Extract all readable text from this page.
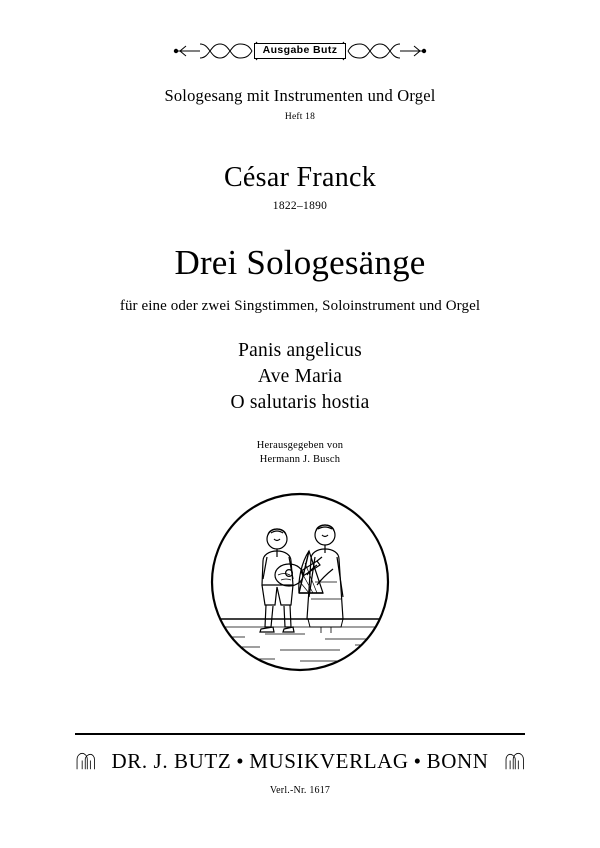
Ausgabe Butz
Sologesang mit Instrumenten und Orgel
Heft 18
César Franck
1822–1890
Drei Sologesänge
für eine oder zwei Singstimmen, Soloinstrument und Orgel
Panis angelicus
Ave Maria
O salutaris hostia
Herausgegeben von
Hermann J. Busch
DR. J. BUTZ • MUSIKVERLAG • BONN
Verl.-Nr. 1617
